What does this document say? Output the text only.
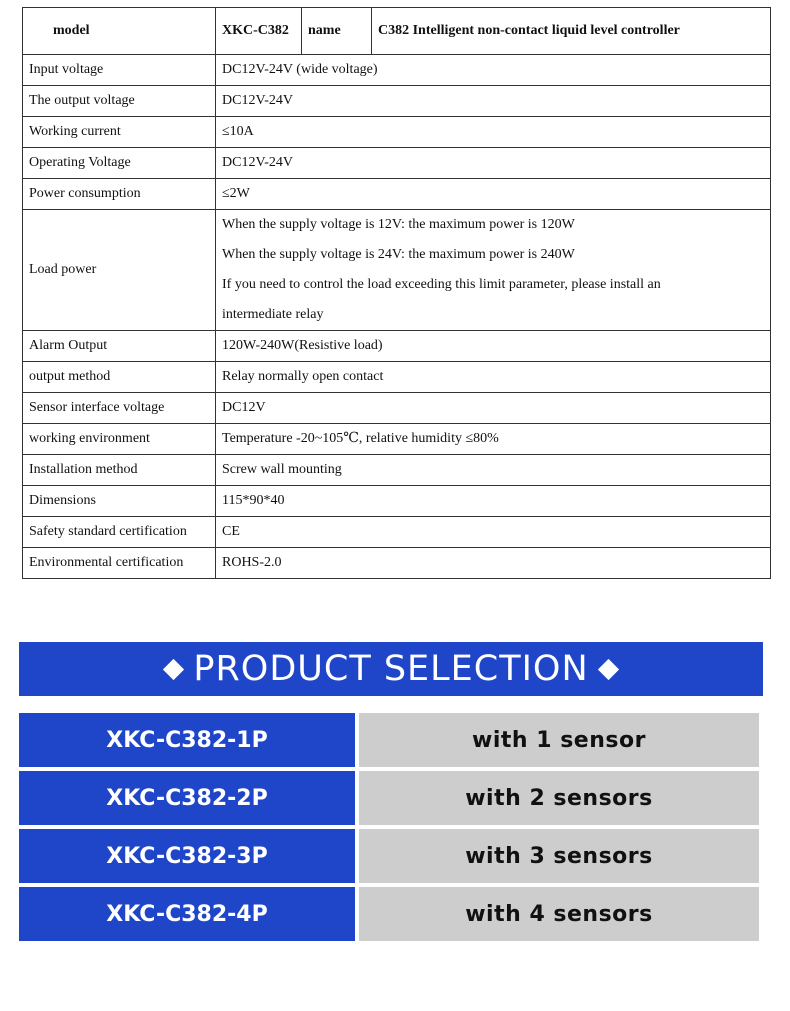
model	XKC-C382	name	C382 Intelligent non-contact liquid level controller
Input voltage	DC12V-24V (wide voltage)		
The output voltage	DC12V-24V		
Working current	≤10A		
Operating Voltage	DC12V-24V		
Power consumption	≤2W		
Load power	When the supply voltage is 12V: the maximum power is 120W
When the supply voltage is 24V: the maximum power is 240W
If you need to control the load exceeding this limit parameter, please install an
intermediate relay		

Alarm Output	120W-240W(Resistive load)		
output method	Relay normally open contact		
Sensor interface voltage	DC12V		
working environment	Temperature -20~105℃, relative humidity ≤80%		
Installation method	Screw wall mounting		
Dimensions	115*90*40		
Safety standard certification	CE		
Environmental certification	ROHS-2.0		
PRODUCT SELECTION
XKC-C382-1P	with 1 sensor
XKC-C382-2P	with 2 sensors
XKC-C382-3P	with 3 sensors
XKC-C382-4P	with 4 sensors
